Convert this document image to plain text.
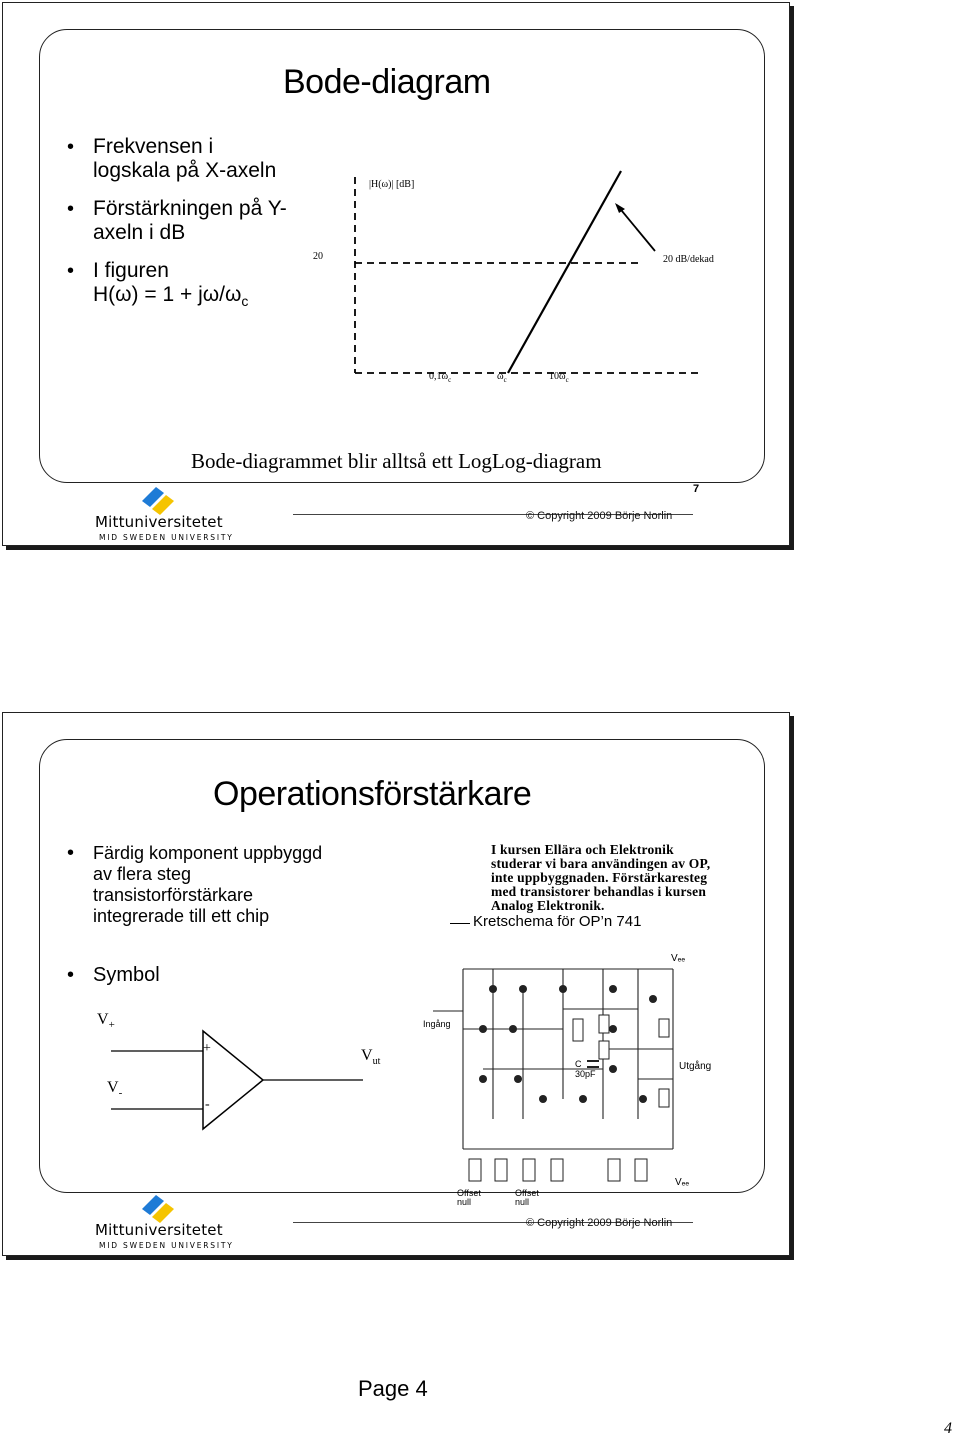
Bode-diagram
• Frekvensen i
logskala på X-axeln
• Förstärkningen på Y-
axeln i dB
• I figuren
$H(\omega) = 1 + j\omega/\omega_c$
|H(ω)| [dB]
20	20 dB/dekad
$0,1\omega_c$	$\omega_c$	$10\omega_c$
Bode-diagrammet blir alltså ett LogLog-diagram
Mittuniversitetet
MID SWEDEN UNIVERSITY
© Copyright 2009 Börje Norlin
7
Operationsförstärkare
• Färdig komponent uppbyggd
av flera steg
transistorförstärkare
integrerade till ett chip
• Symbol
I kursen Ellära och Elektronik
studerar vi bara användingen av OP,
inte uppbyggnaden. Förstärkaresteg
med transistorer behandlas i kursen
Analog Elektronik.
Kretschema för OP’n 741
$V_+$
$V_-$
+
-
$V_{ut}$
Vₑₑ
Vₑₑ
Ingång
Utgång
Offset
null
Offset
null
C
30pF
Mittuniversitetet
MID SWEDEN UNIVERSITY
© Copyright 2009 Börje Norlin
Page 4
4
